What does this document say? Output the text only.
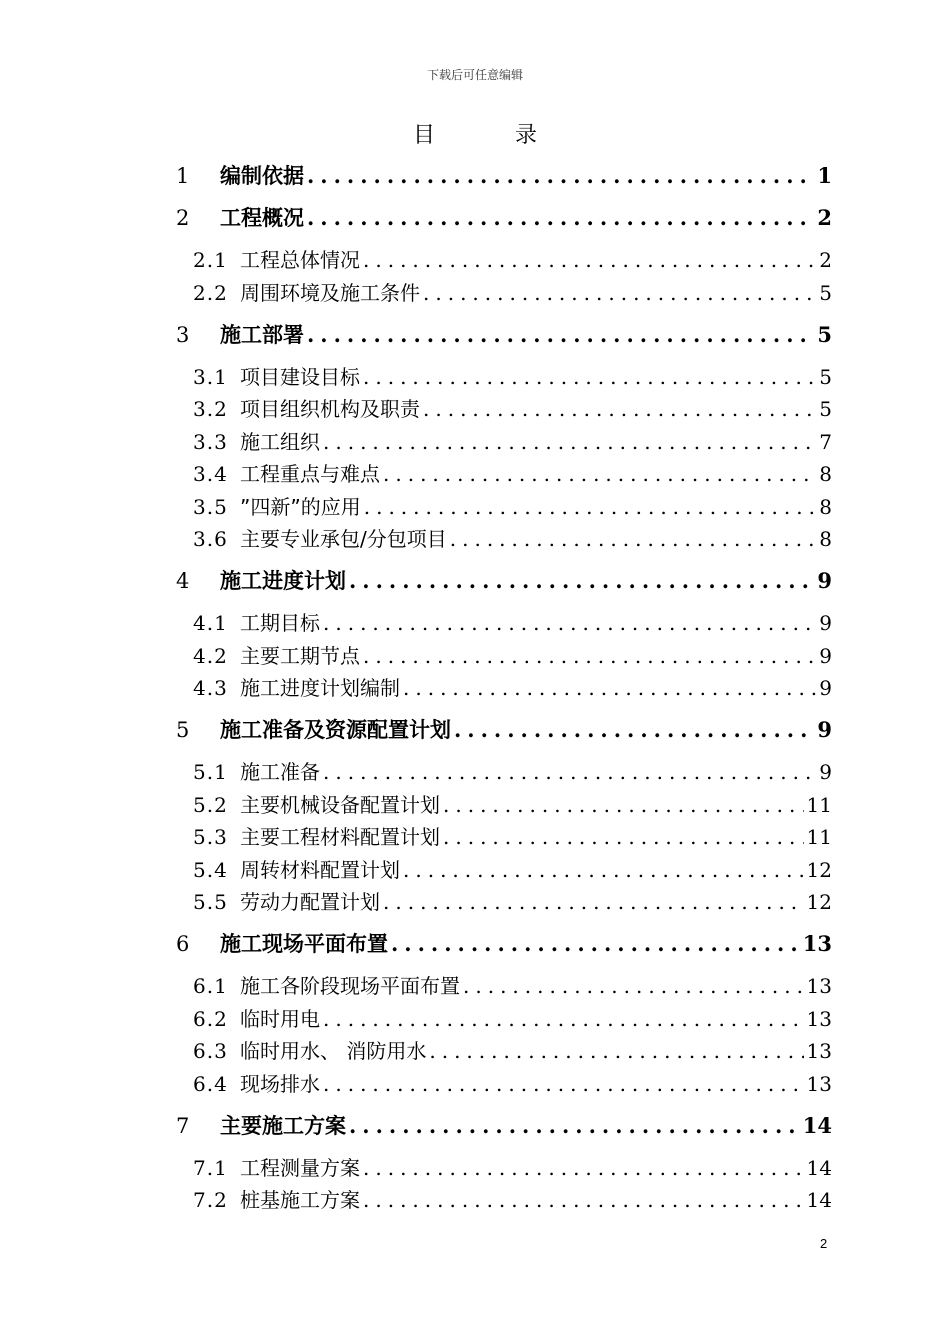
下载后可任意编辑
目	录
1	编制依据 .....	1
2	工程概况 .....	2
2.1 工程总体情况 .....	2
2.2 周围环境及施工条件 .....	5
3	施工部署 .....	5
3.1 项目建设目标 .....	5
3.2 项目组织机构及职责 .....	5
3.3 施工组织 .....	7
3.4 工程重点与难点 .....	8
3.5 ”四新”的应用 .....	8
3.6 主要专业承包/分包项目 .....	8
4	施工进度计划 .....	9
4.1 工期目标 .....	9
4.2 主要工期节点 .....	9
4.3 施工进度计划编制 .....	9
5	施工准备及资源配置计划 .....	9
5.1 施工准备 .....	9
5.2 主要机械设备配置计划 .....	11
5.3 主要工程材料配置计划 .....	11
5.4 周转材料配置计划 .....	12
5.5 劳动力配置计划 .....	12
6	施工现场平面布置 .....	13
6.1 施工各阶段现场平面布置 .....	13
6.2 临时用电 .....	13
6.3 临时用水、 消防用水 .....	13
6.4 现场排水 .....	13
7	主要施工方案 .....	14
7.1 工程测量方案 .....	14
7.2 桩基施工方案 .....	14
2
